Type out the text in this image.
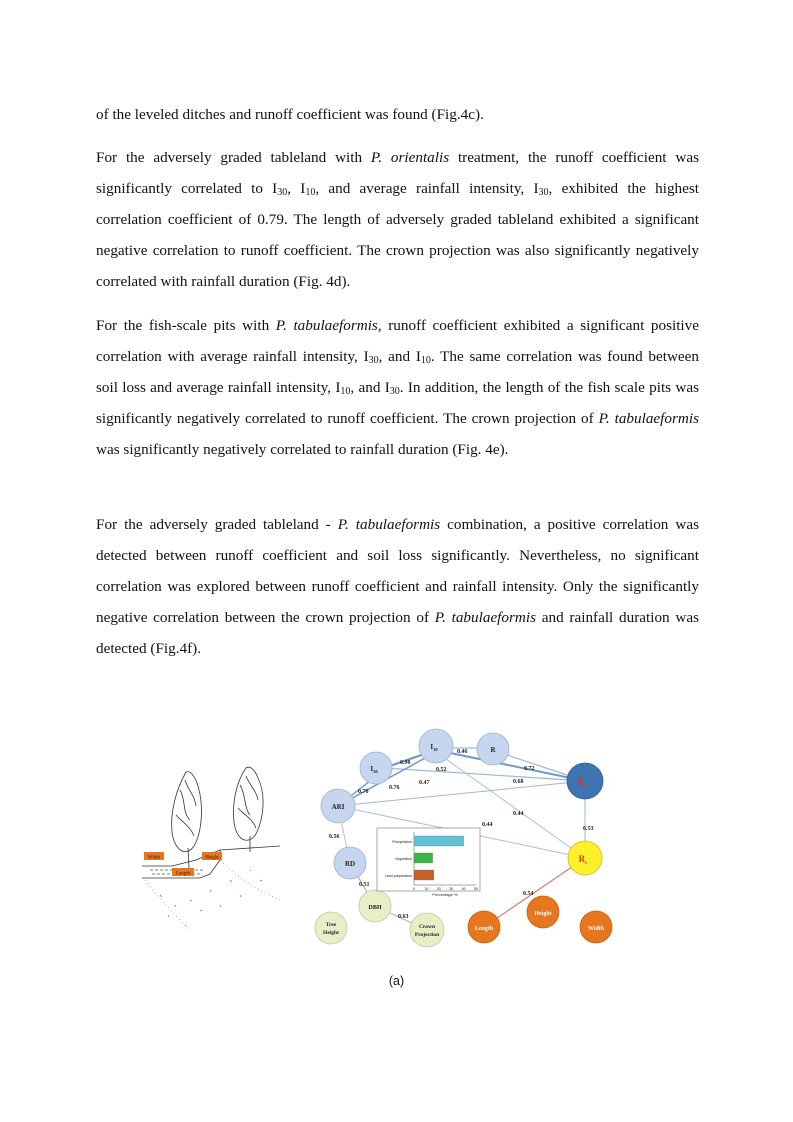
of the leveled ditches and runoff coefficient was found (Fig.4c).

For the adversely graded tableland with P. orientalis treatment, the runoff coefficient was significantly correlated to $I_{30}$, $I_{10}$, and average rainfall intensity, $I_{30}$, exhibited the highest correlation coefficient of 0.79. The length of adversely graded tableland exhibited a significant negative correlation to runoff coefficient. The crown projection was also significantly negatively correlated with rainfall duration (Fig. 4d).

For the fish-scale pits with P. tabulaeformis, runoff coefficient exhibited a significant positive correlation with average rainfall intensity, $I_{30}$, and $I_{10}$. The same correlation was found between soil loss and average rainfall intensity, $I_{10}$, and $I_{30}$. In addition, the length of the fish scale pits was significantly negatively correlated to runoff coefficient. The crown projection of P. tabulaeformis was significantly negatively correlated to rainfall duration (Fig. 4e).

For the adversely graded tableland - P. tabulaeformis combination, a positive correlation was detected between runoff coefficient and soil loss significantly. Nevertheless, no significant correlation was explored between runoff coefficient and rainfall intensity. Only the significantly negative correlation between the crown projection of P. tabulaeformis and rainfall duration was detected (Fig.4f).

Width	Height
Length
0.46
0.98
0.52	0.72
0.47	0.68
0.70
0.76
0.44
0.44
0.56
0.53
0.51
0.54
0.63
$I_{10}$	R
$I_{30}$
$E_{st}$
ARI
RD	$R_c$
DBH
Tree
Height
Crown
Projection
Length
Height
Width
Precipitation
Vegetation
Land preparation
0	10 20 30 40 50
Percentage %
(a)
